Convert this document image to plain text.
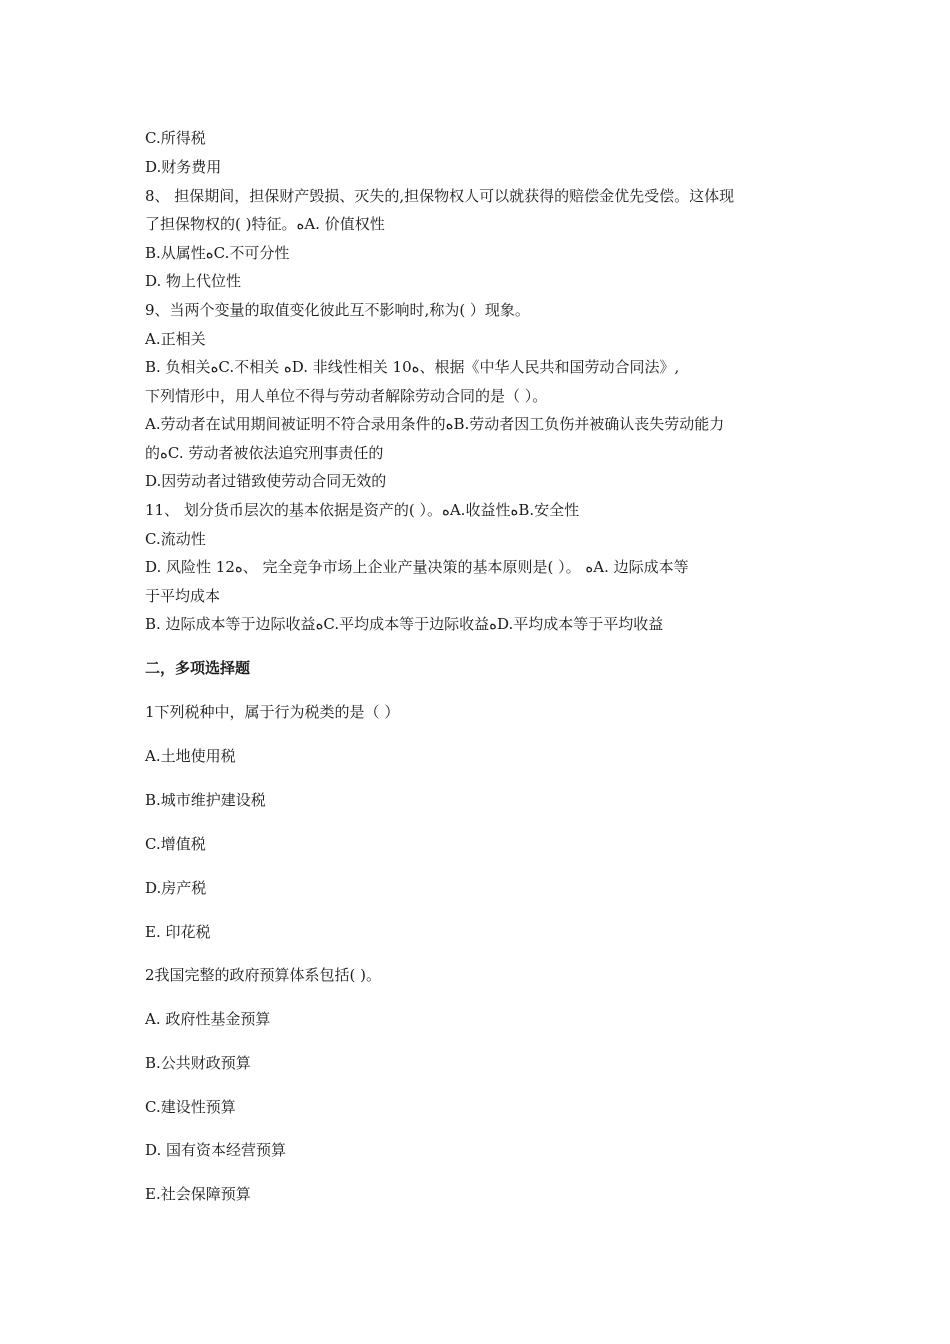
C.所得税
D.财务费用
8、 担保期间，担保财产毁损、灭失的,担保物权人可以就获得的赔偿金优先受偿。这体现
了担保物权的( )特征。ﻩA. 价值权性
B.从属性ﻩC.不可分性
D. 物上代位性
9、当两个变量的取值变化彼此互不影响时,称为( ）现象。
A.正相关
B. 负相关ﻩC.不相关 ﻩD. 非线性相关 10ﻩ、根据《中华人民共和国劳动合同法》,
下列情形中，用人单位不得与劳动者解除劳动合同的是（ ）。
A.劳动者在试用期间被证明不符合录用条件的ﻩB.劳动者因工负伤并被确认丧失劳动能力
的ﻩC. 劳动者被依法追究刑事责任的
D.因劳动者过错致使劳动合同无效的
11、 划分货币层次的基本依据是资产的( ）。ﻩA.收益性ﻩB.安全性
C.流动性
D. 风险性 12ﻩ、 完全竞争市场上企业产量决策的基本原则是( ）。 ﻩA. 边际成本等
于平均成本
B. 边际成本等于边际收益ﻩC.平均成本等于边际收益ﻩD.平均成本等于平均收益
二，多项选择题
1下列税种中，属于行为税类的是（ ）
A.土地使用税
B.城市维护建设税
C.增值税
D.房产税
E. 印花税
2我国完整的政府预算体系包括( )。
A. 政府性基金预算
B.公共财政预算
C.建设性预算
D. 国有资本经营预算
E.社会保障预算
